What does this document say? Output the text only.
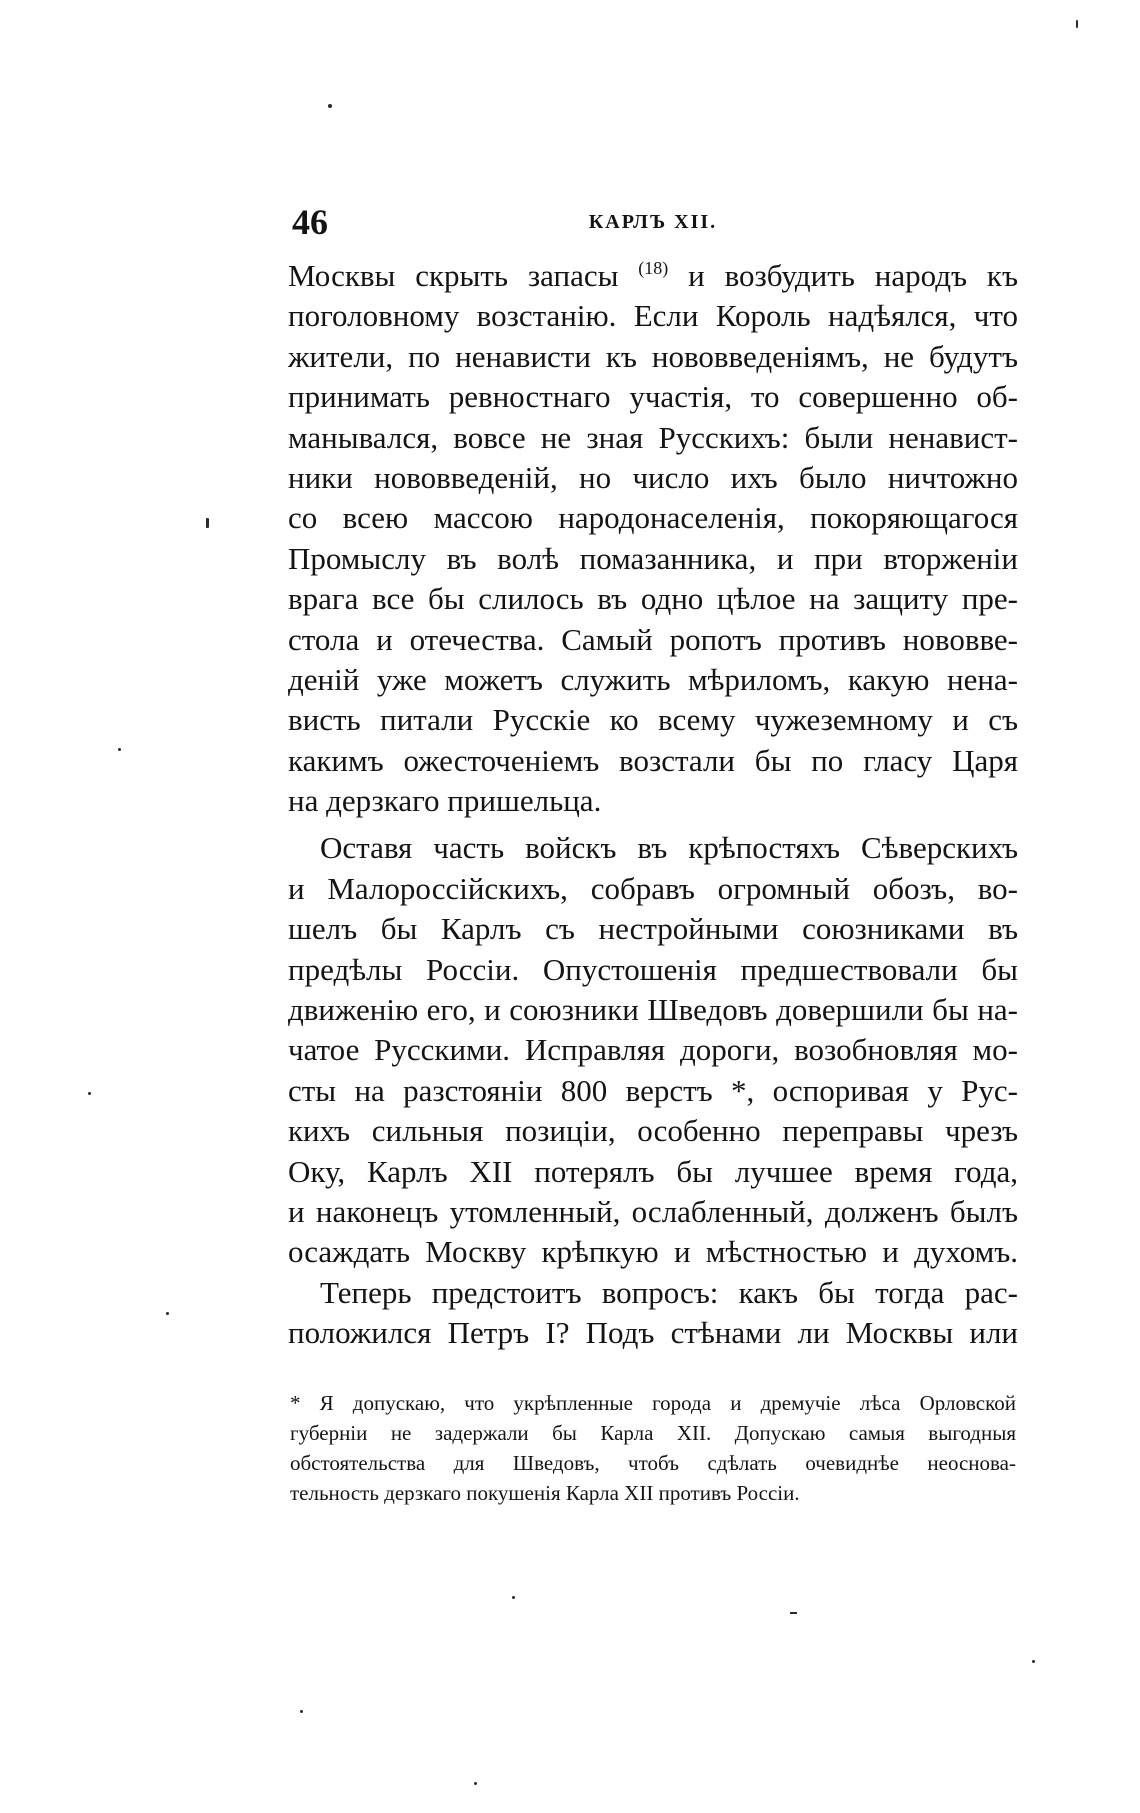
46	КАРЛЪ XII.
Москвы скрыть запасы $^{(18)}$ и возбудить народъ къ
поголовному возстанію. Если Король надѣялся, что
жители, по ненависти къ нововведеніямъ, не будутъ
принимать ревностнаго участія, то совершенно об-
манывался, вовсе не зная Русскихъ: были ненавист-
ники нововведеній, но число ихъ было ничтожно
со всею массою народонаселенія, покоряющагося
Промыслу въ волѣ помазанника, и при вторженіи
врага все бы слилось въ одно цѣлое на защиту пре-
стола и отечества. Самый ропотъ противъ нововве-
деній уже можетъ служить мѣриломъ, какую нена-
висть питали Русскіе ко всему чужеземному и съ
какимъ ожесточеніемъ возстали бы по гласу Царя
на дерзкаго пришельца.
Оставя часть войскъ въ крѣпостяхъ Сѣверскихъ
и Малороссійскихъ, собравъ огромный обозъ, во-
шелъ бы Карлъ съ нестройными союзниками въ
предѣлы Россіи. Опустошенія предшествовали бы
движенію его, и союзники Шведовъ довершили бы на-
чатое Русскими. Исправляя дороги, возобновляя мо-
сты на разстояніи 800 верстъ *, оспоривая у Рус-
кихъ сильныя позиціи, особенно переправы чрезъ
Оку, Карлъ XII потерялъ бы лучшее время года,
и наконецъ утомленный, ослабленный, долженъ былъ
осаждать Москву крѣпкую и мѣстностью и духомъ.
Теперь предстоитъ вопросъ: какъ бы тогда рас-
положился Петръ I? Подъ стѣнами ли Москвы или
* Я допускаю, что укрѣпленные города и дремучіе лѣса Орловской
губерніи не задержали бы Карла XII. Допускаю самыя выгодныя
обстоятельства для Шведовъ, чтобъ сдѣлать очевиднѣе неоснова-
тельность дерзкаго покушенія Карла XII противъ Россіи.
